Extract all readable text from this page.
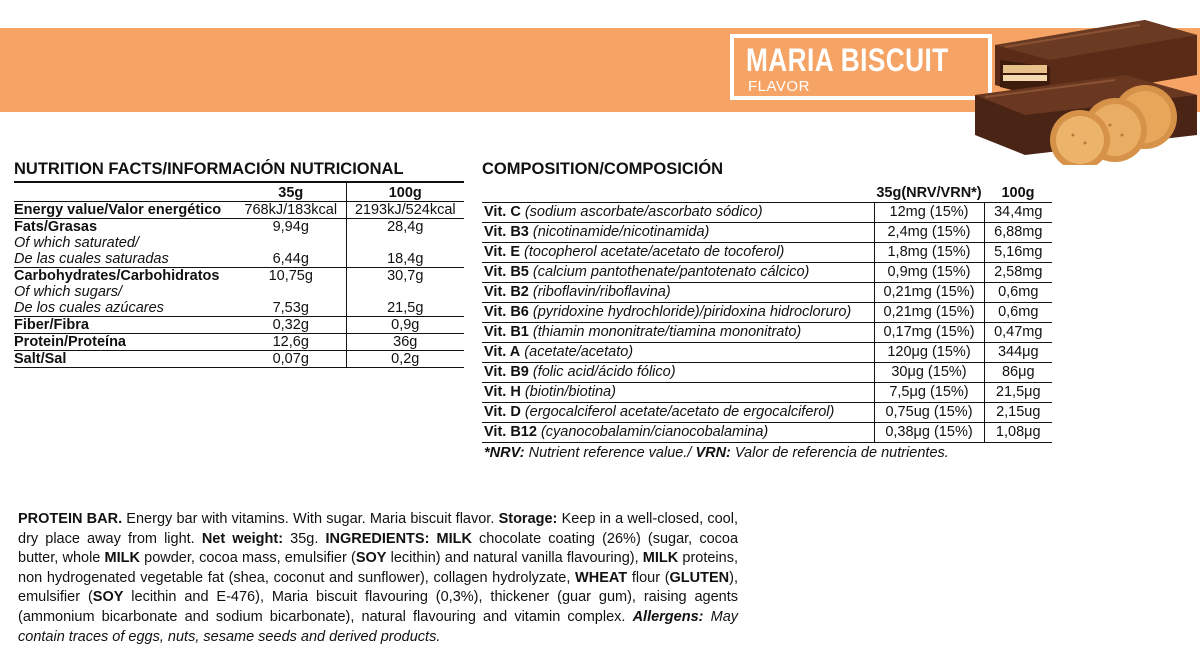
MARIA BISCUIT
FLAVOR
NUTRITION FACTS/INFORMACIÓN NUTRICIONAL
	35g	100g
Energy value/Valor energético	768kJ/183kcal	2193kJ/524kcal
Fats/Grasas	9,94g	28,4g

Of which saturated/
De las cuales saturadas	6,44g	18,4g
Carbohydrates/Carbohidratos	10,75g	30,7g

Of which sugars/
De los cuales azúcares	7,53g	21,5g
Fiber/Fibra	0,32g	0,9g
Protein/Proteína	12,6g	36g
Salt/Sal	0,07g	0,2g
COMPOSITION/COMPOSICIÓN
	35g(NRV/VRN*)	100g
Vit. C (sodium ascorbate/ascorbato sódico)	12mg (15%)	34,4mg
Vit. B3 (nicotinamide/nicotinamida)	2,4mg (15%)	6,88mg
Vit. E (tocopherol acetate/acetato de tocoferol)	1,8mg (15%)	5,16mg
Vit. B5 (calcium pantothenate/pantotenato cálcico)	0,9mg (15%)	2,58mg
Vit. B2 (riboflavin/riboflavina)	0,21mg (15%)	0,6mg
Vit. B6 (pyridoxine hydrochloride)/piridoxina hidrocloruro)	0,21mg (15%)	0,6mg
Vit. B1 (thiamin mononitrate/tiamina mononitrato)	0,17mg (15%)	0,47mg
Vit. A (acetate/acetato)	120μg (15%)	344μg
Vit. B9 (folic acid/ácido fólico)	30μg (15%)	86μg
Vit. H (biotin/biotina)	7,5μg (15%)	21,5μg
Vit. D (ergocalciferol acetate/acetato de ergocalciferol)	0,75ug (15%)	2,15ug
Vit. B12 (cyanocobalamin/cianocobalamina)	0,38μg (15%)	1,08μg
*NRV: Nutrient reference value./ VRN: Valor de referencia de nutrientes.
PROTEIN BAR. Energy bar with vitamins. With sugar. Maria biscuit flavor. Storage: Keep in a well-closed, cool, dry place away from light. Net weight: 35g. INGREDIENTS: MILK chocolate coating (26%) (sugar, cocoa butter, whole MILK powder, cocoa mass, emulsifier (SOY lecithin) and natural vanilla flavouring), MILK proteins, non hydrogenated vegetable fat (shea, coconut and sunflower), collagen hydrolyzate, WHEAT flour (GLUTEN), emulsifier (SOY lecithin and E-476), Maria biscuit flavouring (0,3%), thickener (guar gum), raising agents (ammonium bicarbonate and sodium bicarbonate), natural flavouring and vitamin complex. Allergens: May contain traces of eggs, nuts, sesame seeds and derived products.
